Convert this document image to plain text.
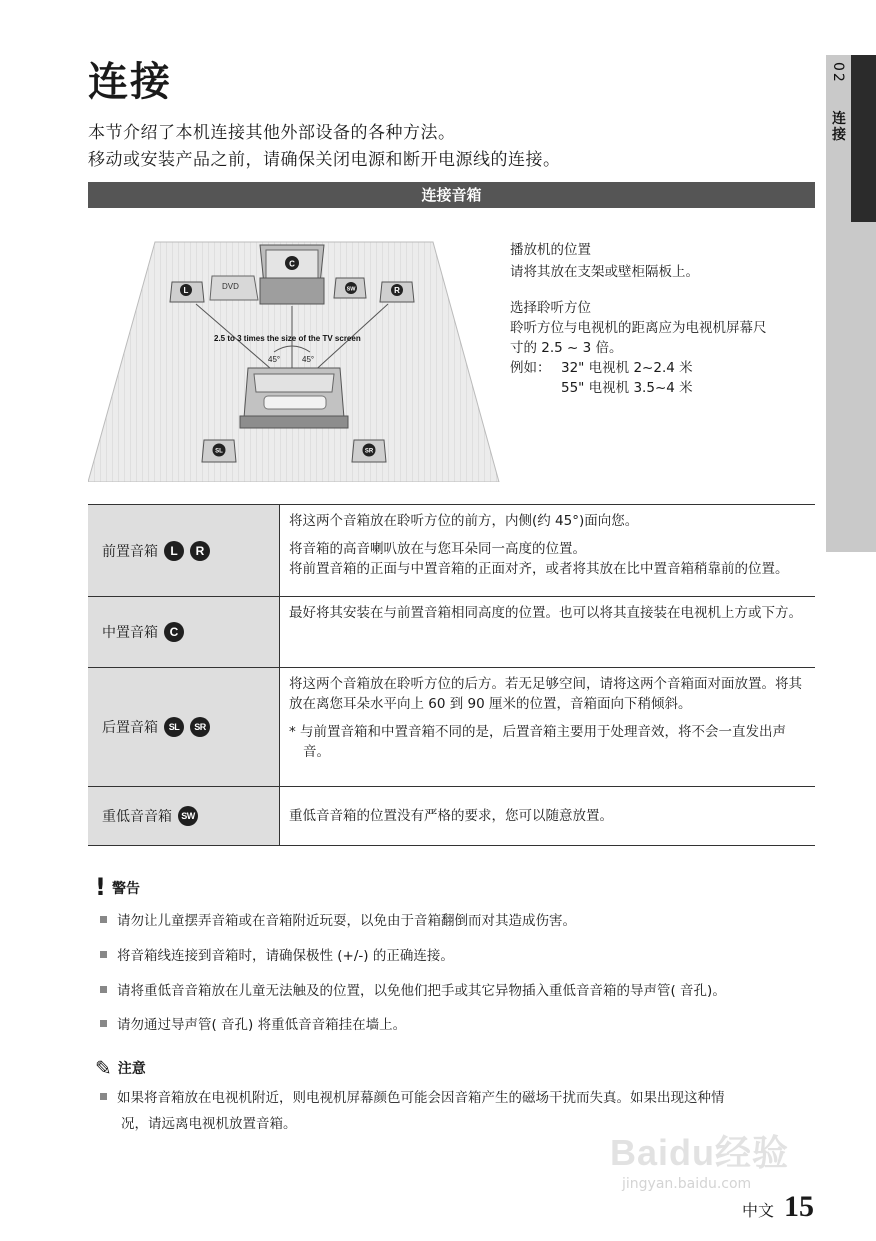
连接
本节介绍了本机连接其他外部设备的各种方法。
移动或安装产品之前，请确保关闭电源和断开电源线的连接。
02  连接
连接音箱
C
DVD
L	SW	R
2.5 to 3 times the size of the TV screen
45°	45°
SL	SR
播放机的位置
请将其放在支架或壁柜隔板上。
选择聆听方位
聆听方位与电视机的距离应为电视机屏幕尺
寸的 2.5 ~ 3 倍。
例如： 32" 电视机 2~2.4 米
55" 电视机 3.5~4 米
前置音箱	L	R

将这两个音箱放在聆听方位的前方，内侧(约 45°)面向您。

将音箱的高音喇叭放在与您耳朵同一高度的位置。
将前置音箱的正面与中置音箱的正面对齐，或者将其放在比中置音箱稍靠前的位置。

中置音箱 C

最好将其安装在与前置音箱相同高度的位置。也可以将其直接装在电视机上方或下方。

后置音箱	SL	SR

将这两个音箱放在聆听方位的后方。若无足够空间，请将这两个音箱面对面放置。将其放在离您耳朵水平向上 60 到 90 厘米的位置，音箱面向下稍倾斜。

* 与前置音箱和中置音箱不同的是，后置音箱主要用于处理音效，将不会一直发出声音。

重低音音箱	SW	重低音音箱的位置没有严格的要求，您可以随意放置。

! 警告
请勿让儿童摆弄音箱或在音箱附近玩耍，以免由于音箱翻倒而对其造成伤害。
将音箱线连接到音箱时，请确保极性 (+/-) 的正确连接。
请将重低音音箱放在儿童无法触及的位置，以免他们把手或其它异物插入重低音音箱的导声管( 音孔)。
请勿通过导声管( 音孔) 将重低音音箱挂在墙上。
✎ 注意
如果将音箱放在电视机附近，则电视机屏幕颜色可能会因音箱产生的磁场干扰而失真。如果出现这种情
况，请远离电视机放置音箱。
Baidu经验
jingyan.baidu.com
中文 15
